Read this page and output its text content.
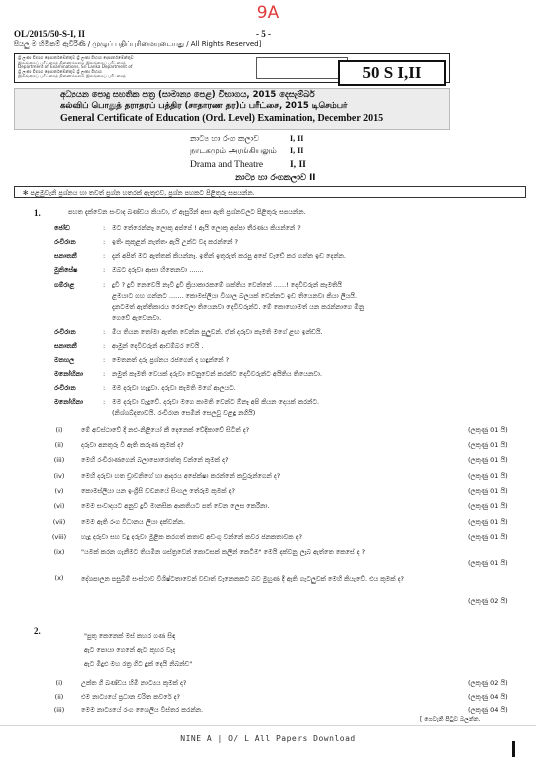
9A
OL/2015/50-S-I, II	- 5 -
සියලු ම හිමිකම් ඇවිරිණි / முழுப் பதிப்புரிமையுடையது / All Rights Reserved]
ශ්‍රී ලංකා විභාග දෙපාර්තමේන්තුව ශ්‍රී ලංකා විභාග දෙපාර්තමේන්තුව
இலங்கைப் பரீட்சைத் திணைக்களம் இலங்கைப் பரீட்சைத்
Department of Examinations, Sri Lanka Department of
ශ්‍රී ලංකා විභාග දෙපාර්තමේන්තුව ශ්‍රී ලංකා විභාග
இலங்கைப் பரீட்சைத் திணைக்களம் இலங்கைப் பரீட்சைத்	50 S I,II
අධ්‍යයන පොදු සහතික පත්‍ර (සාමාන්‍ය පෙළ) විභාගය, 2015 දෙසැම්බර්
கல்விப் பொதுத் தராதரப் பத்திர (சாதாரண தர)ப் பரீட்சை, 2015 டிசெம்பர்
General Certificate of Education (Ord. Level) Examination, December 2015
නාට්‍ය හා රංග කලාව	I, II
நாடகமும் அரங்கியலும் I, II
Drama and Theatre	I, II
නාට්‍ය හා රංගකලාව II
✻ පළමුවැනි ප්‍රශ්නය හා තවත් ප්‍රශ්න හතරක් ඇතුළුව, ප්‍රශ්න පහකට පිළිතුරු සපයන්න.
1.	පහත දැක්වෙන සංවාද ඛණ්ඩය කියවා, ඒ ඇසුරින් අසා ඇති ප්‍රශ්නවලට පිළිතුරු සපයන්න.
ජෝඩ	: මට තේරෙන්නෑ ලොකු අප්පේ ! ඇයි ලොකු අප්පා තීරණය කියන්නේ ?
රංචිරාන	: ඉතිං කුකුළන් නැත්තං ඇයි උන්ට වද කරන්නේ ?
සනාතනී	: දැන් අපිත් මට ඇත්තක් කියන්නෑ. ඉතින් ඉතුරුත් කරපු අපේ වැඩේ කර ගන්න ඉඩ දෙන්න.
මුනිසේෂ	: ඔබට දරුවා ආසා හිතෙනවා .......
ගම්රාළ	: දුවී ? දුවී නෙවෙයි නැවී දුවී ක්‍රියාකාරකමේ ශක්තිය වෙන්නේ ......! දෙවිවරුන් කැමතියි
ළමයාට ගහ ගන්නට ....... කොමස්ලියා විශාල බලයක් වෙන්නට ඉඩ තියෙනවා කියා ලියයි.
දැනටමත් ඇත්තිකාරය රෙවෙලා තියෙනවා දෙවිවරුන්ට. මේ කොහොමත් යන කරන්නාගෙ මිනු
ගෙවේ ඇවෙනවා.
රංචිරාන	: මිය තියන තෝමා ඇත්ත වෙන්න පුලුවන්. ඒක් දරුවා කැමති මගේ ළඟ ඉන්ඩයි.
සනාතනී	: ආමුන් දෙවිවරුන් ආඩම්බර වෙයි .
මනහල	: මෙතනත් දරු ප්‍රශ්නය රජගෙන් ද හඳුන්නේ ?
මනෝහිනා	: නමුත් කැමති වෙයක් දරුවා වෙනුවෙන් කරන්ට දෙවිවරුන්ට අයිතිය තියෙනවා.
රංචිරාන	: මම දරුවා හැදුවා. දරුවා කැමති මගේ ආලයට.
මනෝහිනා	: මම දරුවා වැදුවේ. දරුවා මගෙ කාමති වෙන්ට ඕනෑ අපි කියන දෙයක් කරන්ට.
(නිශ්ශබ්දතාවයි. රංචිරාන සෙමින් සෙලවු වළඳු නගියි)
(i)	මේ අවස්ථාවේ දී නළු-නිළියෝ කී දෙනෙක් වේදිකාවේ සිටිත් ද?	(ලකුණු 01 යි)
(ii)	දරුවා අනතුරු වී ඇති කරුණ කුමක් ද?	(ලකුණු 01 යි)
(iii)	මෙහි රංචිරාණගෙන් බලාපොරොත්තු වන්නේ කුමක් ද?	(ලකුණු 01 යි)
(iv)	මෙහි දරුවා හත ඩ්‍රාවනිගේ හා ආදරය අපේක්ෂා කරන්නේ කවුරුන්ගෙන් ද?	(ලකුණු 01 යි)
(v)	කොමස්ලියා යන ඉංග්‍රීසි වචනයේ සිංහල තේරුම කුමක් ද?	(ලකුණු 01 යි)
(vi)	මෙම සංවාදයට අනුව දුවී මානසික ආකතියට පත් වෙන ලෙස කෙරීනා.	(ලකුණු 01 යි)
(vii)	මෙම ඇති රංග විධානය ලියා දක්වන්න.	(ලකුණු 01 යි)
(viii)	හැදූ දරුවා සහ වදු දරුවා මුළික කරගත් කතාව අඩංගු වන්නේ කවර ජනකතාවක ද?	(ලකුණු 01 යි)
(ix)	"යමක් කරන ගැනීමට තියමින ශස්ත්‍රවෙන් කොටසක් කලින් කෙටීම" මෙයි දක්වනු ලැබ ඇත්තෙ කෙසේ ද ?
(ලකුණු 01 යි)
(x)	දේශපාලන පසුබිම් සංස්ථාව විශිෂ්ටතාවෙන් වඩාත් වැනෙකකට බව මුහුණ දී ඇති ගැටලුවක් මෙහි කියැවේ. එය කුමක් ද?
(ලකුණු 02 යි)
2.	"පුතු කෙනෙක් මස් කහර ගණ සිඳ
ඇට පොයා ගෙනේ ඇට කුහර වැද
ඇට මිදුළු මහ රත්‍ර ගිට දුක් දෙයි නිබන්ඩ"
(i)	උක්ත ගී ඛණ්ඩය හිමි නාට්‍යය කුමක් ද?	(ලකුණු 02 යි)
(ii)	එම නාට්‍යයේ ප්‍රධාන චරිත කවරේ ද?	(ලකුණු 04 යි)
(iii)	මෙම නාට්‍යයේ රංග ශෛලිය විස්තර කරන්න.	(ලකුණු 04 යි)
[ ගෙවැනි පිටුව බලන්න.
NINE A | O/ L All Papers Download
